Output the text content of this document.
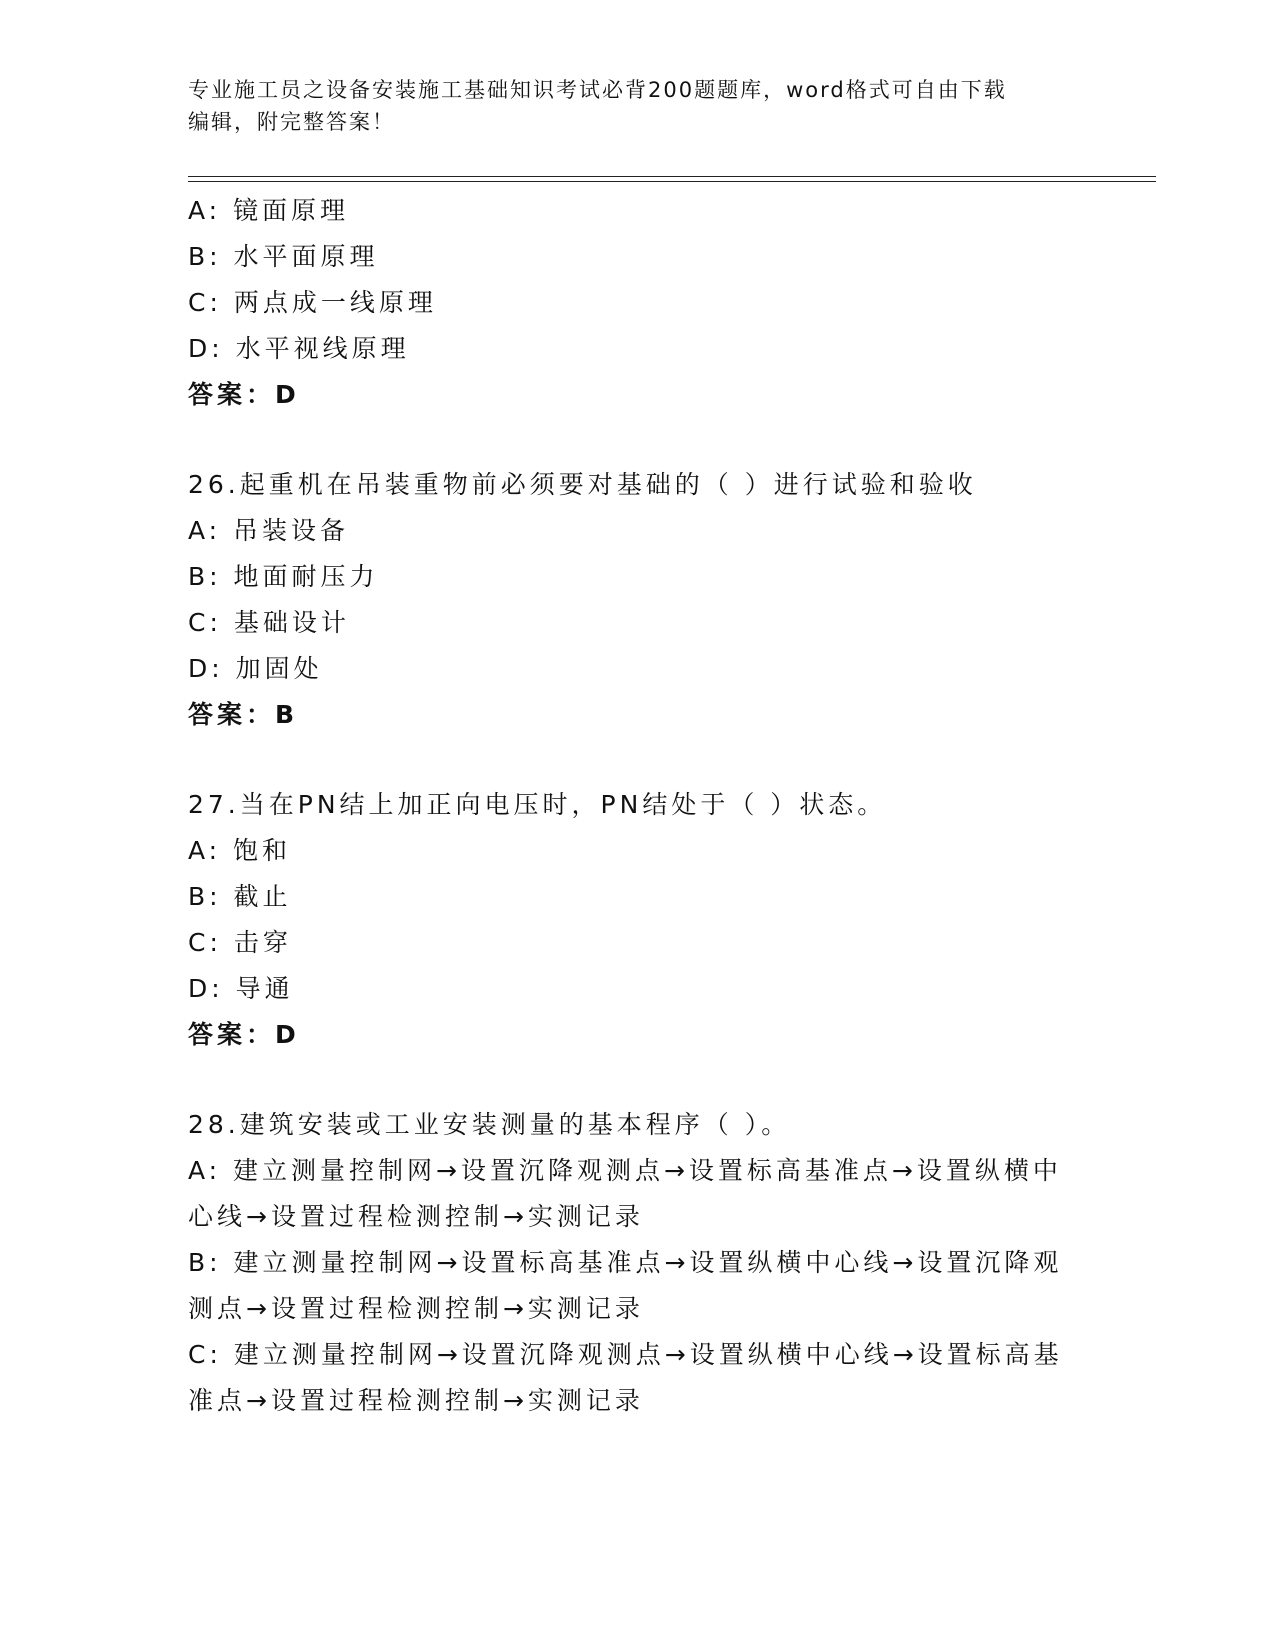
专业施工员之设备安装施工基础知识考试必背200题题库，word格式可自由下载
编辑，附完整答案！
A: 镜面原理
B: 水平面原理
C: 两点成一线原理
D: 水平视线原理
答案：D
26.起重机在吊装重物前必须要对基础的（ ）进行试验和验收
A: 吊装设备
B: 地面耐压力
C: 基础设计
D: 加固处
答案：B
27.当在PN结上加正向电压时，PN结处于（ ）状态。
A: 饱和
B: 截止
C: 击穿
D: 导通
答案：D
28.建筑安装或工业安装测量的基本程序（ ）。
A: 建立测量控制网→设置沉降观测点→设置标高基准点→设置纵横中心线→设置过程检测控制→实测记录
B: 建立测量控制网→设置标高基准点→设置纵横中心线→设置沉降观测点→设置过程检测控制→实测记录
C: 建立测量控制网→设置沉降观测点→设置纵横中心线→设置标高基准点→设置过程检测控制→实测记录
